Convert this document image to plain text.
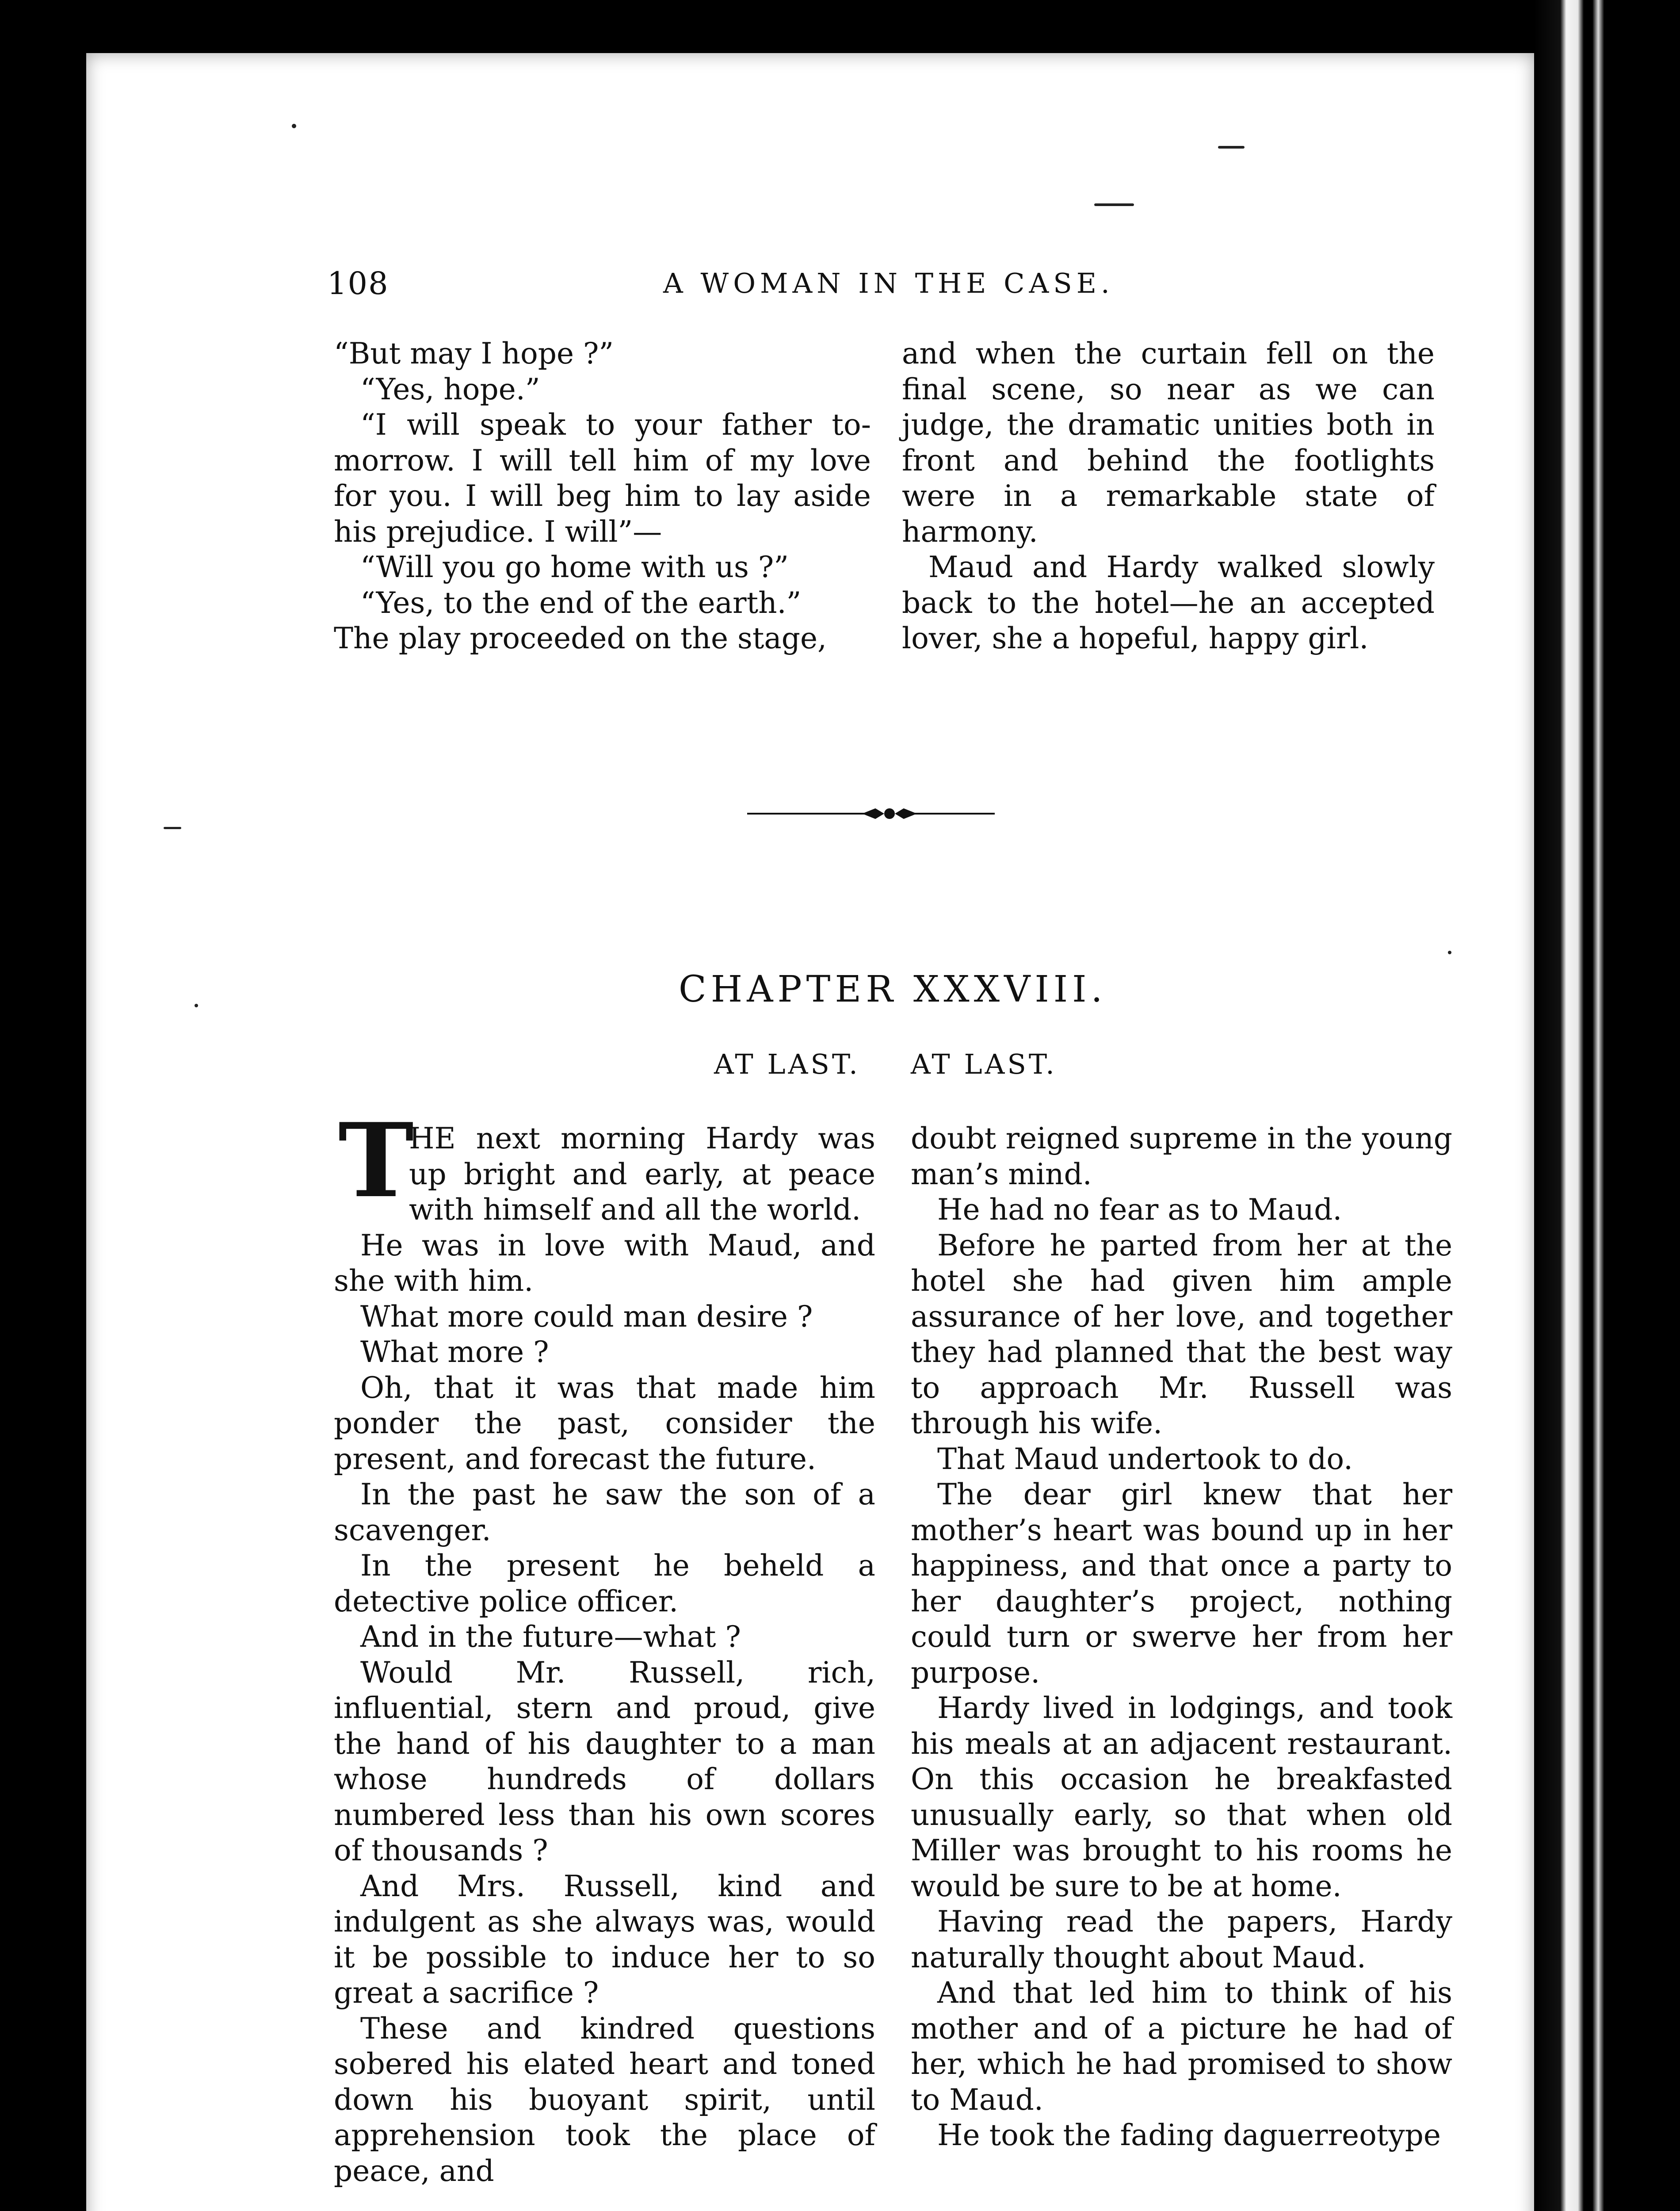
108	A WOMAN IN THE CASE.

“But may I hope ?”

“Yes, hope.”

“I will speak to your father to-morrow. I will tell him of my love for you. I will beg him to lay aside his prejudice. I will”—

“Will you go home with us ?”

“Yes, to the end of the earth.”

The play proceeded on the stage,

and when the curtain fell on the final scene, so near as we can judge, the dramatic unities both in front and behind the footlights were in a remarkable state of harmony.

Maud and Hardy walked slowly back to the hotel—he an accepted lover, she a hopeful, happy girl.

CHAPTER XXXVIII.
AT LAST. AT LAST.
T

HE next morning Hardy was up bright and early, at peace with himself and all the world.

He was in love with Maud, and she with him.

What more could man desire ?

What more ?

Oh, that it was that made him ponder the past, consider the present, and forecast the future.

In the past he saw the son of a scavenger.

In the present he beheld a detective police officer.

And in the future—what ?

Would Mr. Russell, rich, influential, stern and proud, give the hand of his daughter to a man whose hundreds of dollars numbered less than his own scores of thousands ?

And Mrs. Russell, kind and indulgent as she always was, would it be possible to induce her to so great a sacrifice ?

These and kindred questions sobered his elated heart and toned down his buoyant spirit, until apprehension took the place of peace, and

doubt reigned supreme in the young man’s mind.

He had no fear as to Maud.

Before he parted from her at the hotel she had given him ample assurance of her love, and together they had planned that the best way to approach Mr. Russell was through his wife.

That Maud undertook to do.

The dear girl knew that her mother’s heart was bound up in her happiness, and that once a party to her daughter’s project, nothing could turn or swerve her from her purpose.

Hardy lived in lodgings, and took his meals at an adjacent restaurant. On this occasion he breakfasted unusually early, so that when old Miller was brought to his rooms he would be sure to be at home.

Having read the papers, Hardy naturally thought about Maud.

And that led him to think of his mother and of a picture he had of her, which he had promised to show to Maud.

He took the fading daguerreotype
